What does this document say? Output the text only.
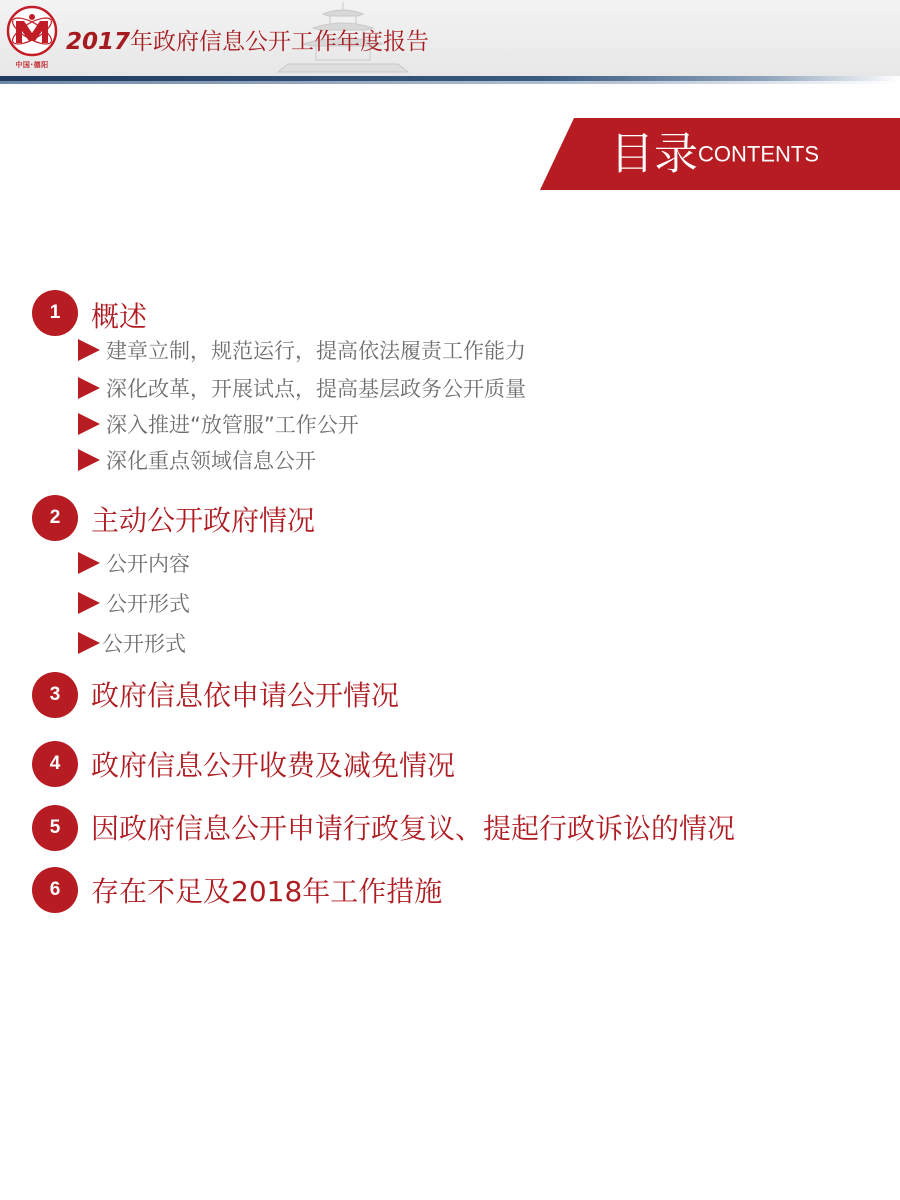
中国·德阳
2017年政府信息公开工作年度报告
目录CONTENTS
1	概述
建章立制，规范运行，提高依法履责工作能力
深化改革，开展试点，提高基层政务公开质量
深入推进“放管服”工作公开
深化重点领域信息公开
2	主动公开政府情况
公开内容
公开形式
公开形式
3	政府信息依申请公开情况
4	政府信息公开收费及减免情况
5	因政府信息公开申请行政复议、提起行政诉讼的情况
6	存在不足及2018年工作措施
